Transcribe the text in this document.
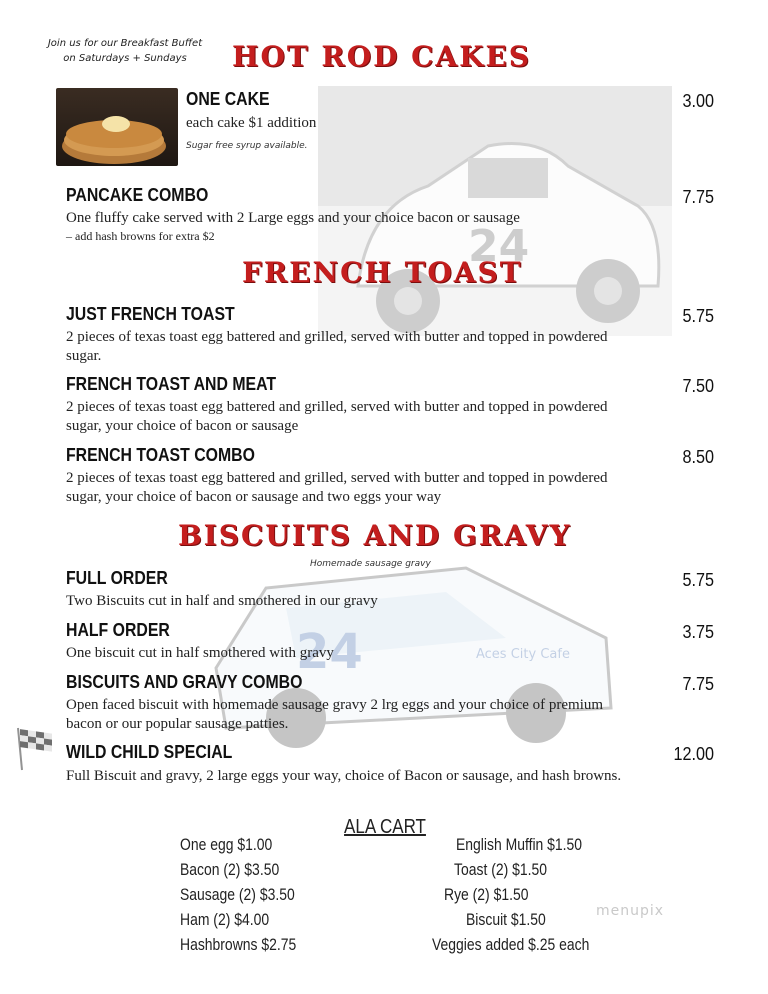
24
24	Aces City Cafe
Join us for our Breakfast Buffet
on Saturdays + Sundays	HOT ROD CAKES
ONE CAKE	3.00
each cake $1 addition
Sugar free syrup available.
PANCAKE COMBO	7.75
One fluffy cake served with 2 Large eggs and your choice bacon or sausage
– add hash browns for extra $2
FRENCH TOAST
JUST FRENCH TOAST	5.75
2 pieces of texas toast egg battered and grilled, served with butter and topped in powdered sugar.
FRENCH TOAST AND MEAT	7.50
2 pieces of texas toast egg battered and grilled, served with butter and topped in powdered sugar, your choice of bacon or sausage
FRENCH TOAST COMBO	8.50
2 pieces of texas toast egg battered and grilled, served with butter and topped in powdered sugar, your choice of bacon or sausage and two eggs your way
BISCUITS AND GRAVY
Homemade sausage gravy
FULL ORDER	5.75
Two Biscuits cut in half and smothered in our gravy
HALF ORDER	3.75
One biscuit cut in half smothered with gravy
BISCUITS AND GRAVY COMBO	7.75
Open faced biscuit with homemade sausage gravy 2 lrg eggs and your choice of premium bacon or our popular sausage patties.
WILD CHILD SPECIAL	12.00
Full Biscuit and gravy, 2 large eggs your way, choice of Bacon or sausage, and hash browns.
ALA CART
One egg $1.00
Bacon (2) $3.50
Sausage (2) $3.50
Ham (2) $4.00
Hashbrowns $2.75
English Muffin $1.50
Toast (2) $1.50
Rye (2) $1.50
Biscuit $1.50
Veggies added $.25 each
menupix
